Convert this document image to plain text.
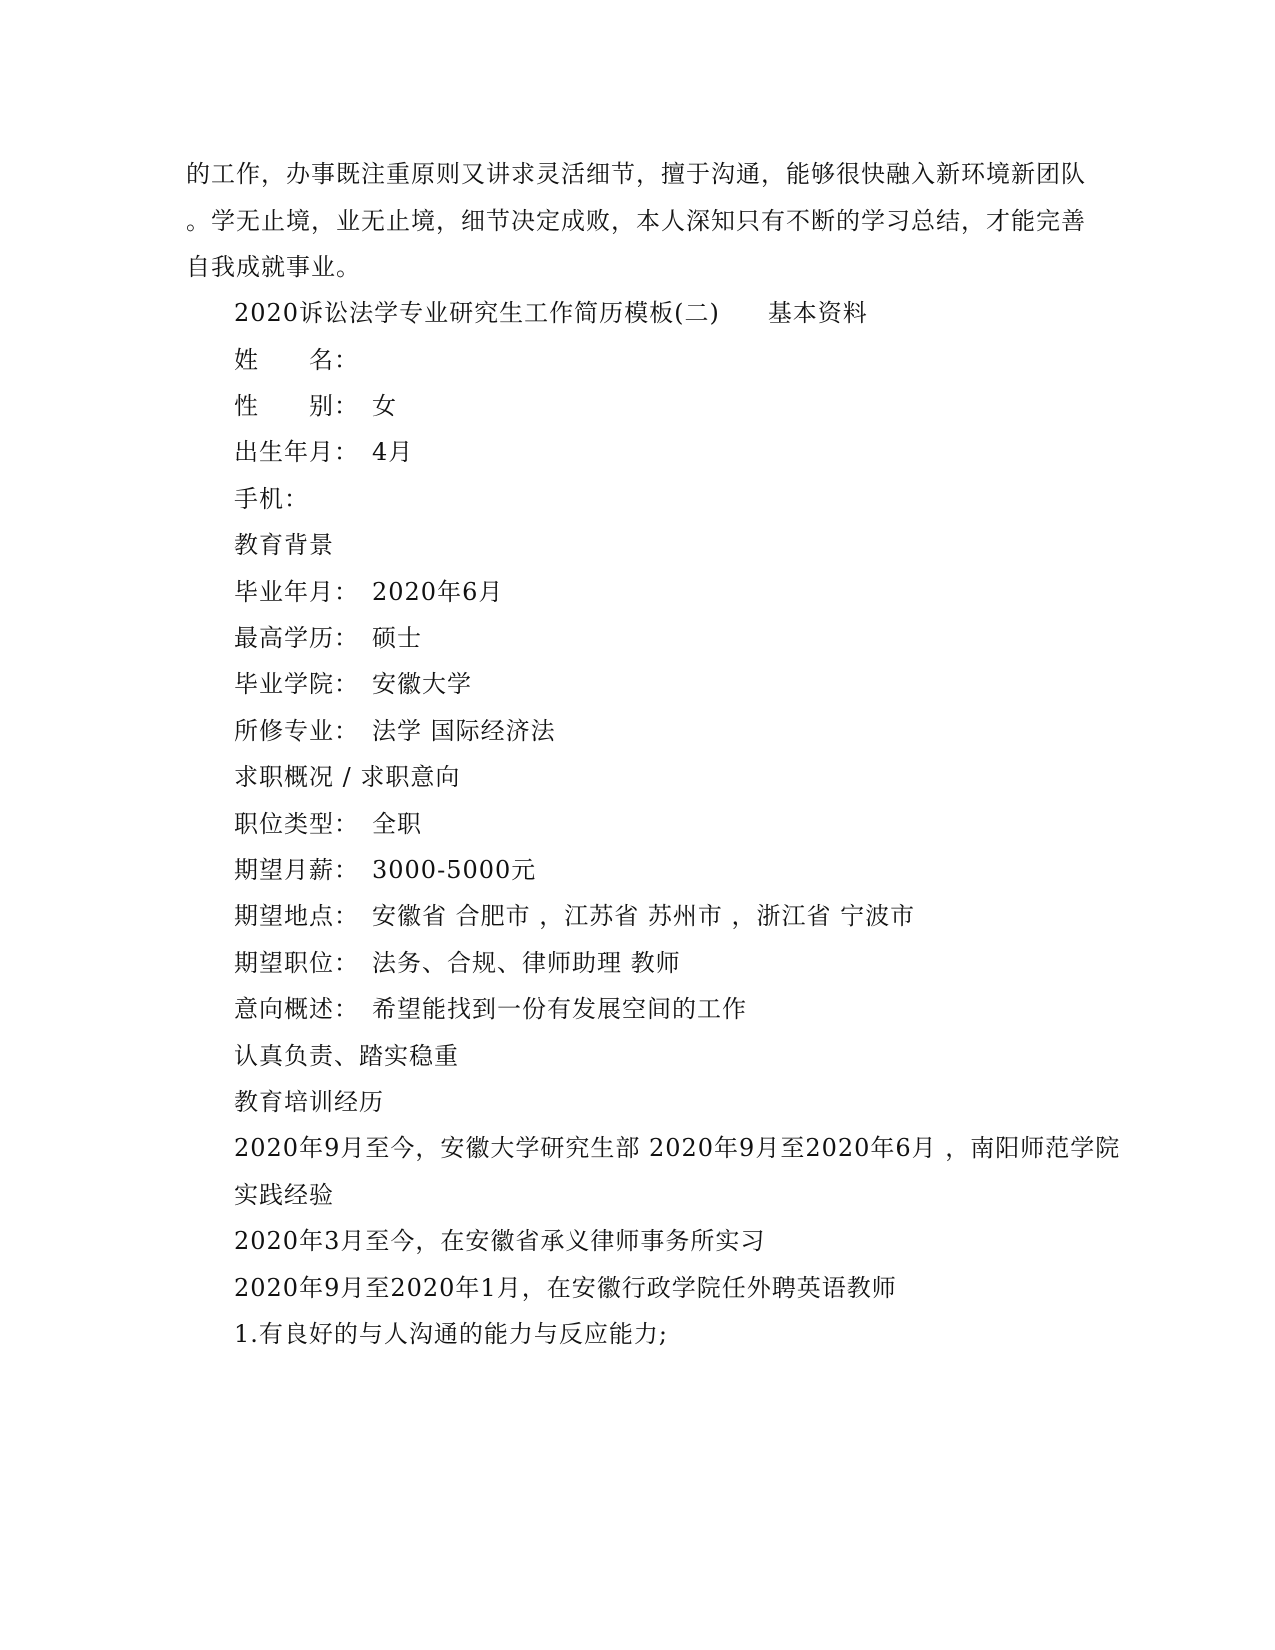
的工作，办事既注重原则又讲求灵活细节，擅于沟通，能够很快融入新环境新团队
。学无止境，业无止境，细节决定成败，本人深知只有不断的学习总结，才能完善
自我成就事业。
2020诉讼法学专业研究生工作简历模板(二) 基本资料
姓　　名：
性　　别： 女
出生年月： 4月
手机：
教育背景
毕业年月： 2020年6月
最高学历： 硕士
毕业学院： 安徽大学
所修专业： 法学 国际经济法
求职概况 / 求职意向
职位类型： 全职
期望月薪： 3000-5000元
期望地点： 安徽省 合肥市 ，江苏省 苏州市 ，浙江省 宁波市
期望职位： 法务、合规、律师助理 教师
意向概述： 希望能找到一份有发展空间的工作
认真负责、踏实稳重
教育培训经历
2020年9月至今，安徽大学研究生部 2020年9月至2020年6月 ，南阳师范学院
实践经验
2020年3月至今，在安徽省承义律师事务所实习
2020年9月至2020年1月，在安徽行政学院任外聘英语教师
1.有良好的与人沟通的能力与反应能力;
